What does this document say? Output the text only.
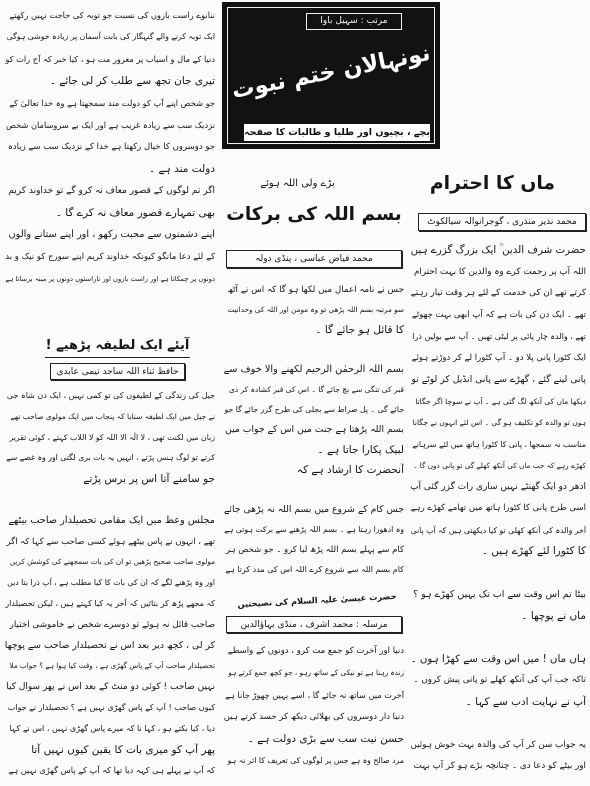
مرتب : سہیل باوا
نونہالان ختم نبوت
بچے ، بچیوں اور طلبا و طالبات کا صفحہ
ننانوے راست بازوں کی نسبت جو توبہ کی حاجت نہیں رکھتے
ایک توبہ کرنے والے گنہگار کی بابت آسمان پر زیادہ خوشی ہوگی
دنیا کے مال و اسباب پر مغرور مت ہو ، کیا خبر کہ آج رات کو
تیری جان تجھ سے طلب کر لی جائے ۔
جو شخص اپنے آپ کو دولت مند سمجھتا ہے وہ خدا تعالیٰ کے
نزدیک سب سے زیادہ غریب ہے اور ایک بے سروسامان شخص
جو دوسروں کا خیال رکھتا ہے خدا کے نزدیک سب سے زیادہ
دولت مند ہے ۔
اگر تم لوگوں کے قصور معاف نہ کرو گے تو خداوند کریم
بھی تمہارے قصور معاف نہ کرے گا ۔
اپنے دشمنوں سے محبت رکھو ، اور اپنے ستانے والوں
کے لئے دعا مانگو کیونکہ خداوند کریم اپنے سورج کو نیک و بد
دونوں پر چمکاتا ہے اور راست بازوں اور ناراستوں دونوں پر مینہ برساتا ہے
آیئے ایک لطیفہ پڑھیے !
حافظ ثناء اللہ ساجد تیمی عابدی
جیل کی زندگی کے لطیفوں کی تو کمی نہیں ، ایک دن شاہ جی
نے جیل میں ایک لطیفہ سنایا کہ پنجاب میں ایک مولوی صاحب تھے
زبان میں لکنت تھی ، لا الٰہ الا اللہ کو لا اللاب کہتے ، کوئی تقریر
کرتے تو لوگ ہنس پڑتے ، انہیں یہ بات بری لگتی اور وہ غصے سے
جو سامنے آتا اس پر برس پڑتے
مجلس وعظ میں ایک مقامی تحصیلدار صاحب بیٹھے
تھے ، انہوں نے پاس بیٹھے ہوئے کسی صاحب سے کہا کہ اگر
مولوی صاحب صحیح پڑھیں تو ان کی بات سمجھنے کی کوشش کریں
اور وہ پڑھنے لگے کہ ان کی بات کا کیا مطلب ہے ، آپ ذرا بتا دیں
کہ مجھے پڑھ کر بتائیں کہ آخر یہ کیا کہتے ہیں ، لیکن تحصیلدار
صاحب قائل نہ ہوئے تو دوسرے شخص نے خاموشی اختیار
کر لی ، کچھ دیر بعد اس نے تحصیلدار صاحب سے پوچھا
تحصیلدار صاحب آپ کے پاس گھڑی ہے ، وقت کیا ہوا ہے ؟ جواب ملا
نہیں صاحب ! کوئی دو منٹ کے بعد اس نے پھر سوال کیا
کیوں صاحب ! آپ کے پاس گھڑی نہیں ہے ؟ تحصیلدار نے جواب
دیا ، کیا بکتے ہو ، کہا نا کہ میرے پاس گھڑی نہیں ، اس نے کہا
پھر آپ کو میری بات کا یقین کیوں نہیں آتا
کہ آپ نے پہلے ہی کہہ دیا تھا کہ آپ کے پاس گھڑی نہیں ہے
بڑے ولی اللہ ہوئے
بسم اللہ کی برکات
محمد فیاض عباسی ، پنڈی دولہ
جس نے نامہ اعمال میں لکھا ہو گا کہ اس نے آٹھ
سو مرتبہ بسم اللہ پڑھی تو وہ مومن اور اللہ کی وحدانیت
کا قائل ہو جائے گا ۔
بسم اللہ الرحمٰن الرحیم لکھنے والا خوف سے
قبر کی تنگی سے بچ جائے گا ۔ اس کی قبر کشادہ کر دی
جائے گی ۔ پل صراط سے بجلی کی طرح گزر جائے گا جو
بسم اللہ پڑھتا ہے جنت میں اس کے جواب میں
لبیک پکارا جاتا ہے ۔
آنحضرت کا ارشاد ہے کہ
جس کام کے شروع میں بسم اللہ نہ پڑھی جائے
وہ ادھورا رہتا ہے ۔ بسم اللہ پڑھنے سے برکت ہوتی ہے
کام سے پہلے بسم اللہ پڑھ لیا کرو ۔ جو شخص ہر
کام بسم اللہ سے شروع کرے اللہ اس کی مدد کرتا ہے
حضرت عیسیٰ علیہ السلام کی نصیحتیں
مرسلہ : محمد اشرف ، منڈی بہاؤالدین
دنیا اور آخرت کو جمع مت کرو ، دونوں کے واسطے
زندہ رہنا ہے تو نیکی کے ساتھ رہو ، جو کچھ جمع کرتے ہو
آخرت میں ساتھ نہ جائے گا ، اسے یہیں چھوڑ جانا ہے
دنیا دار دوسروں کی بھلائی دیکھ کر حسد کرتے ہیں
حسن نیت سب سے بڑی دولت ہے ۔
مرد صالح وہ ہے جس پر لوگوں کی تعریف کا اثر نہ ہو
ماں کا احترام
محمد نذیر منذری ، گوجرانوالہ سیالکوٹ
حضرت شرف الدین ؒ ایک بزرگ گزرے ہیں
اللہ آپ پر رحمت کرے وہ والدین کا بہت احترام
کرتے تھے ان کی خدمت کے لئے ہر وقت تیار رہتے
تھے ۔ ایک دن کی بات ہے کہ آپ ابھی بہت چھوٹے
تھے ، والدہ چار پائی پر لیٹی تھیں ۔ آپ سے بولیں ذرا
ایک کٹورا پانی پلا دو ۔ آپ کٹورا لے کر دوڑتے ہوئے
پانی لینے گئے ، گھڑے سے پانی انڈیل کر لوٹے تو
دیکھا ماں کی آنکھ لگ گئی ہے ۔ آپ نے سوچا اگر جگاتا
ہوں تو والدہ کو تکلیف ہو گی ۔ اس لئے انہوں نے جگانا
مناسب نہ سمجھا ، پانی کا کٹورا ہاتھ میں لئے سرہانے
کھڑے رہے کہ جب ماں کی آنکھ کھلے گی تو پانی دوں گا ۔
ادھر دو ایک گھنٹے نہیں ساری رات گزر گئی آپ
اسی طرح پانی کا کٹورا ہاتھ میں تھامے کھڑے رہے
آخر والدہ کی آنکھ کھلی تو کیا دیکھتی ہیں کہ آپ پانی
کا کٹورا لئے کھڑے ہیں ۔
بیٹا تم اس وقت سے اب تک یہیں کھڑے ہو ؟
ماں نے پوچھا ۔
ہاں ماں ! میں اس وقت سے کھڑا ہوں ۔
تاکہ جب آپ کی آنکھ کھلے تو پانی پیش کروں ۔
آپ نے نہایت ادب سے کہا ۔
یہ جواب سن کر آپ کی والدہ بہت خوش ہوئیں
اور بیٹے کو دعا دی ۔ چنانچہ بڑے ہو کر آپ بہت
